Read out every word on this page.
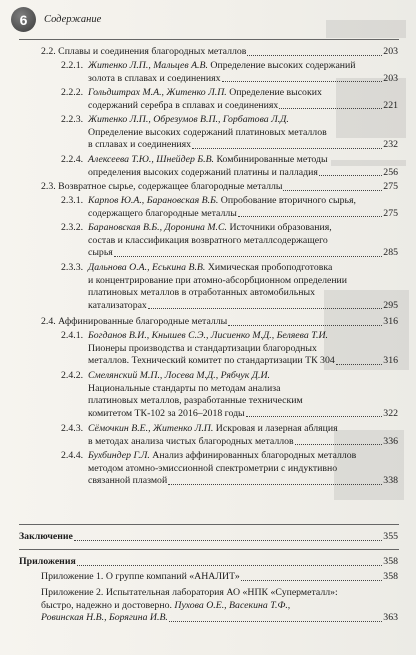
6	Содержание
2.2.
Сплавы и соединения благородных металлов	203
2.2.1. Житенко Л.П., Мальцев А.В.
Определение высоких содержаний
золота в сплавах и соединениях	203
2.2.2. Гольдштрах М.А., Житенко Л.П.
Определение высоких
содержаний серебра в сплавах и соединениях	221
2.2.3. Житенко Л.П., Обрезумов В.П., Горбатова Л.Д.
Определение высоких содержаний платиновых металлов
в сплавах и соединениях	232
2.2.4. Алексеева Т.Ю., Шнейдер Б.В.
Комбинированные методы
определения высоких содержаний платины и палладия	256
2.3.
Возвратное сырье, содержащее благородные металлы	275
2.3.1. Карпов Ю.А., Барановская В.Б.
Опробование вторичного сырья,
содержащего благородные металлы	275
2.3.2. Барановская В.Б., Доронина М.С.
Источники образования,
состав и классификация возвратного металлсодержащего
сырья	285
2.3.3. Дальнова О.А., Еськина В.В.
Химическая пробоподготовка
и концентрирование при атомно-абсорбционном определении
платиновых металлов в отработанных автомобильных
катализаторах	295
2.4.
Аффинированные благородные металлы	316
2.4.1. Богданов В.И., Кнышев С.Э., Лисиенко М.Д., Беляева Т.И.
Пионеры производства и стандартизации благородных
металлов. Технический комитет по стандартизации ТК 304	316
2.4.2. Смелянский М.П., Лосева М.Д., Рябчук Д.И.
Национальные стандарты по методам анализа
платиновых металлов, разработанные техническим
комитетом ТК-102 за 2016–2018 годы	322
2.4.3. Сёмочкин В.Е., Житенко Л.П.
Искровая и лазерная абляция
в методах анализа чистых благородных металлов	336
2.4.4. Бухбиндер Г.Л.
Анализ аффинированных благородных металлов
методом атомно-эмиссионной спектрометрии с индуктивно
связанной плазмой	338
Заключение	355
Приложения	358
Приложение 1. О группе компаний «АНАЛИТ»	358
Приложение 2. Испытательная лаборатория АО «НПК «Суперметалл»:
быстро, надежно и достоверно.
Пухова О.Е., Васекина Т.Ф.,
Ровинская Н.В., Борягина И.В.	363
